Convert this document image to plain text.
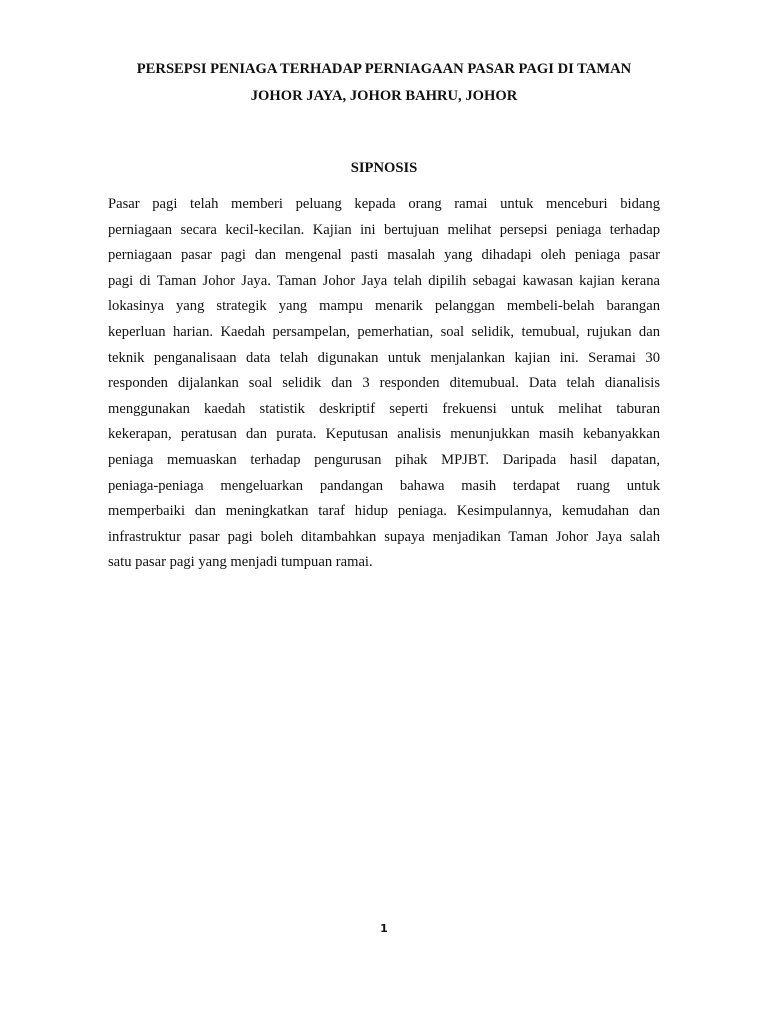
PERSEPSI PENIAGA TERHADAP PERNIAGAAN PASAR PAGI DI TAMAN
JOHOR JAYA, JOHOR BAHRU, JOHOR
SIPNOSIS

Pasar pagi telah memberi peluang kepada orang ramai untuk menceburi bidang
perniagaan secara kecil-kecilan. Kajian ini bertujuan melihat persepsi peniaga terhadap
perniagaan pasar pagi dan mengenal pasti masalah yang dihadapi oleh peniaga pasar
pagi di Taman Johor Jaya. Taman Johor Jaya telah dipilih sebagai kawasan kajian kerana
lokasinya yang strategik yang mampu menarik pelanggan membeli-belah barangan
keperluan harian. Kaedah persampelan, pemerhatian, soal selidik, temubual, rujukan dan
teknik penganalisaan data telah digunakan untuk menjalankan kajian ini. Seramai 30
responden dijalankan soal selidik dan 3 responden ditemubual. Data telah dianalisis
menggunakan kaedah statistik deskriptif seperti frekuensi untuk melihat taburan
kekerapan, peratusan dan purata. Keputusan analisis menunjukkan masih kebanyakkan
peniaga memuaskan terhadap pengurusan pihak MPJBT. Daripada hasil dapatan,
peniaga-peniaga mengeluarkan pandangan bahawa masih terdapat ruang untuk
memperbaiki dan meningkatkan taraf hidup peniaga. Kesimpulannya, kemudahan dan
infrastruktur pasar pagi boleh ditambahkan supaya menjadikan Taman Johor Jaya salah
satu pasar pagi yang menjadi tumpuan ramai.

1
